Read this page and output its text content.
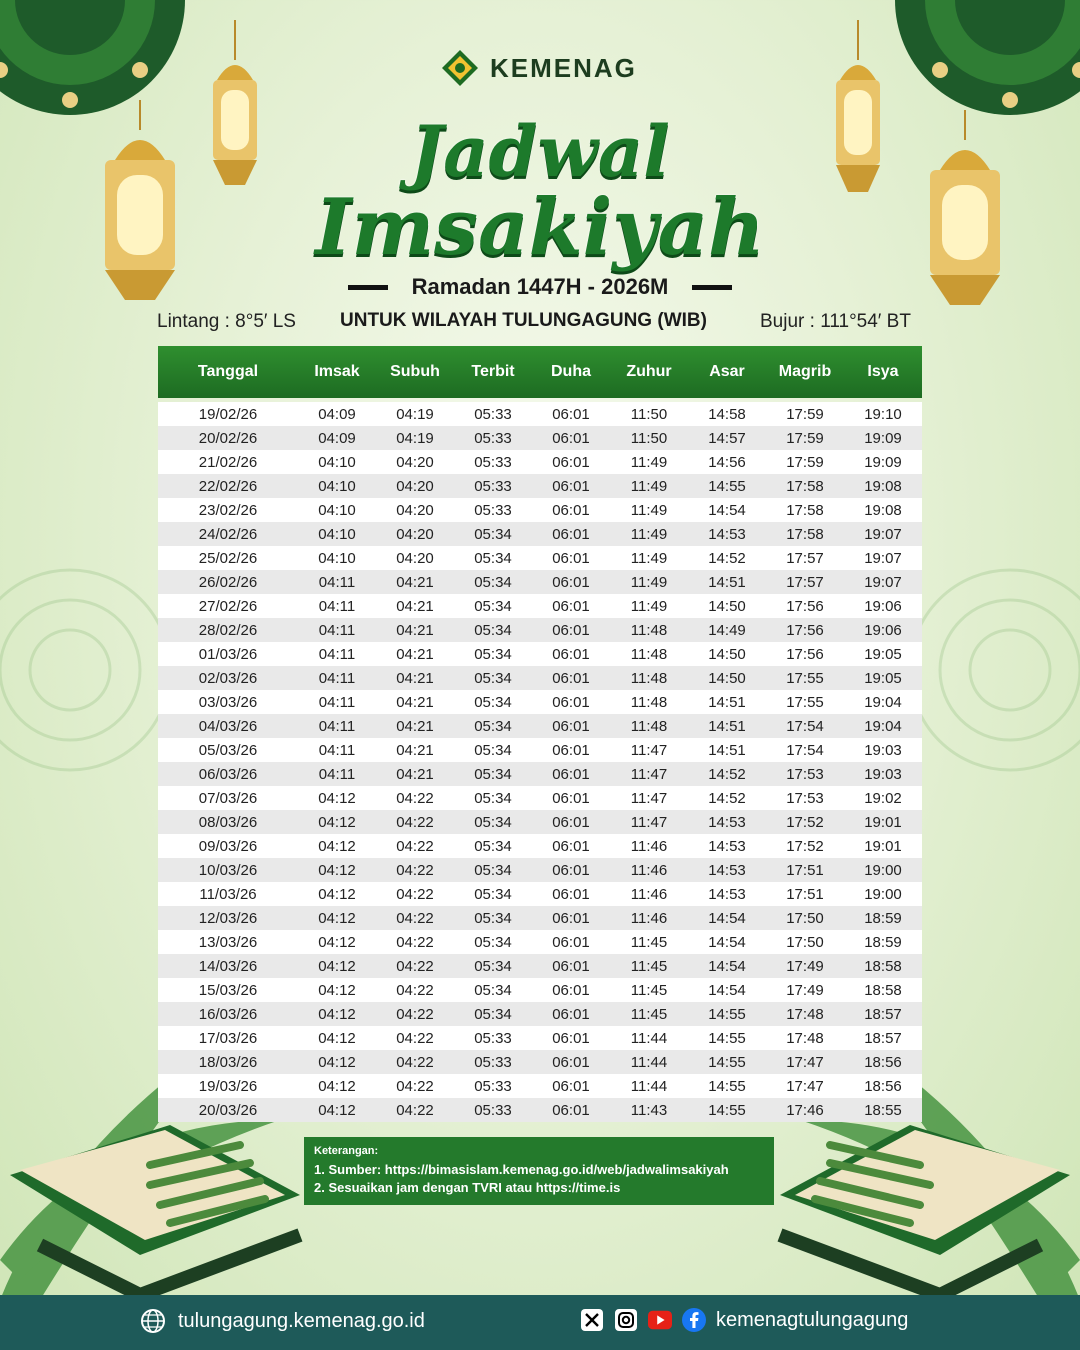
KEMENAG
Jadwal
Imsakiyah
Ramadan 1447H - 2026M
Lintang : 8°5′ LS UNTUK WILAYAH TULUNGAGUNG (WIB)	Bujur : 111°54′ BT
Tanggal	Imsak	Subuh	Terbit	Duha	Zuhur	Asar	Magrib	Isya
19/02/26	04:09	04:19	05:33	06:01	11:50	14:58	17:59	19:10
20/02/26	04:09	04:19	05:33	06:01	11:50	14:57	17:59	19:09
21/02/26	04:10	04:20	05:33	06:01	11:49	14:56	17:59	19:09
22/02/26	04:10	04:20	05:33	06:01	11:49	14:55	17:58	19:08
23/02/26	04:10	04:20	05:33	06:01	11:49	14:54	17:58	19:08
24/02/26	04:10	04:20	05:34	06:01	11:49	14:53	17:58	19:07
25/02/26	04:10	04:20	05:34	06:01	11:49	14:52	17:57	19:07
26/02/26	04:11	04:21	05:34	06:01	11:49	14:51	17:57	19:07
27/02/26	04:11	04:21	05:34	06:01	11:49	14:50	17:56	19:06
28/02/26	04:11	04:21	05:34	06:01	11:48	14:49	17:56	19:06
01/03/26	04:11	04:21	05:34	06:01	11:48	14:50	17:56	19:05
02/03/26	04:11	04:21	05:34	06:01	11:48	14:50	17:55	19:05
03/03/26	04:11	04:21	05:34	06:01	11:48	14:51	17:55	19:04
04/03/26	04:11	04:21	05:34	06:01	11:48	14:51	17:54	19:04
05/03/26	04:11	04:21	05:34	06:01	11:47	14:51	17:54	19:03
06/03/26	04:11	04:21	05:34	06:01	11:47	14:52	17:53	19:03
07/03/26	04:12	04:22	05:34	06:01	11:47	14:52	17:53	19:02
08/03/26	04:12	04:22	05:34	06:01	11:47	14:53	17:52	19:01
09/03/26	04:12	04:22	05:34	06:01	11:46	14:53	17:52	19:01
10/03/26	04:12	04:22	05:34	06:01	11:46	14:53	17:51	19:00
11/03/26	04:12	04:22	05:34	06:01	11:46	14:53	17:51	19:00
12/03/26	04:12	04:22	05:34	06:01	11:46	14:54	17:50	18:59
13/03/26	04:12	04:22	05:34	06:01	11:45	14:54	17:50	18:59
14/03/26	04:12	04:22	05:34	06:01	11:45	14:54	17:49	18:58
15/03/26	04:12	04:22	05:34	06:01	11:45	14:54	17:49	18:58
16/03/26	04:12	04:22	05:34	06:01	11:45	14:55	17:48	18:57
17/03/26	04:12	04:22	05:33	06:01	11:44	14:55	17:48	18:57
18/03/26	04:12	04:22	05:33	06:01	11:44	14:55	17:47	18:56
19/03/26	04:12	04:22	05:33	06:01	11:44	14:55	17:47	18:56
20/03/26	04:12	04:22	05:33	06:01	11:43	14:55	17:46	18:55
Keterangan:
1. Sumber: https://bimasislam.kemenag.go.id/web/jadwalimsakiyah
2. Sesuaikan jam dengan TVRI atau https://time.is
tulungagung.kemenag.go.id	kemenagtulungagung
